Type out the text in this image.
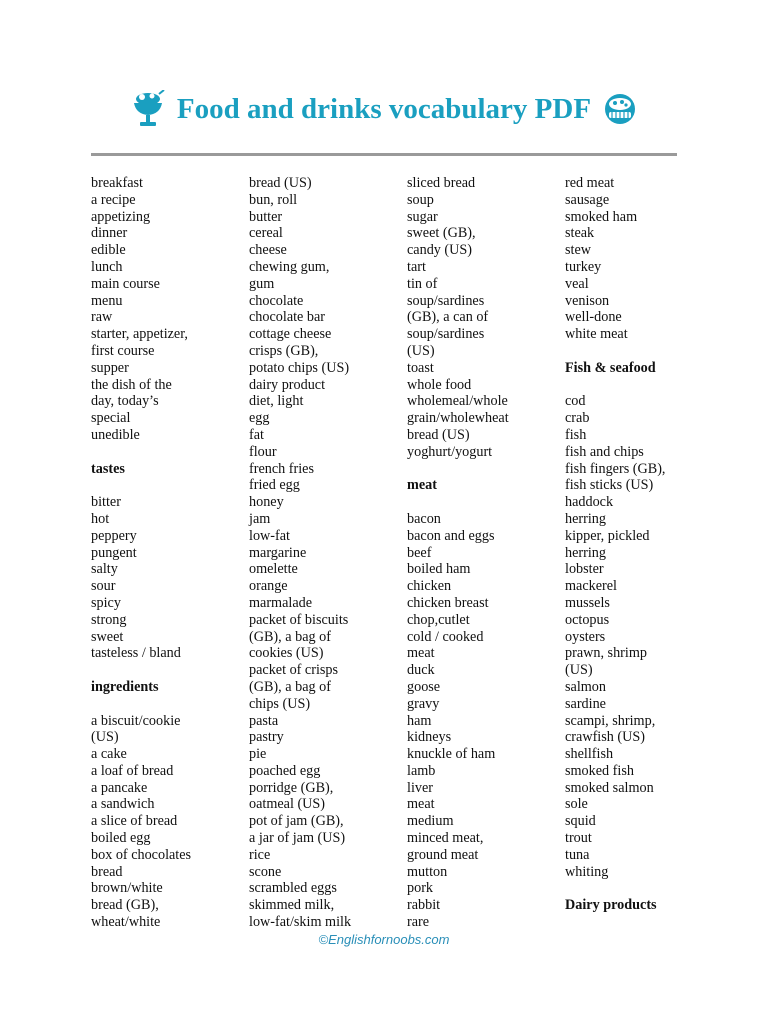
Food and drinks vocabulary PDF
breakfast
a recipe
appetizing
dinner
edible
lunch
main course
menu
raw
starter, appetizer,
first course
supper
the dish of the
day, today’s
special
unedible
tastes
bitter
hot
peppery
pungent
salty
sour
spicy
strong
sweet
tasteless / bland
ingredients
a biscuit/cookie
(US)
a cake
a loaf of bread
a pancake
a sandwich
a slice of bread
boiled egg
box of chocolates
bread
brown/white
bread (GB),
wheat/white
bread (US)
bun, roll
butter
cereal
cheese
chewing gum,
gum
chocolate
chocolate bar
cottage cheese
crisps (GB),
potato chips (US)
dairy product
diet, light
egg
fat
flour
french fries
fried egg
honey
jam
low-fat
margarine
omelette
orange
marmalade
packet of biscuits
(GB), a bag of
cookies (US)
packet of crisps
(GB), a bag of
chips (US)
pasta
pastry
pie
poached egg
porridge (GB),
oatmeal (US)
pot of jam (GB),
a jar of jam (US)
rice
scone
scrambled eggs
skimmed milk,
low-fat/skim milk
sliced bread
soup
sugar
sweet (GB),
candy (US)
tart
tin of
soup/sardines
(GB), a can of
soup/sardines
(US)
toast
whole food
wholemeal/whole
grain/wholewheat
bread (US)
yoghurt/yogurt
meat
bacon
bacon and eggs
beef
boiled ham
chicken
chicken breast
chop,cutlet
cold / cooked
meat
duck
goose
gravy
ham
kidneys
knuckle of ham
lamb
liver
meat
medium
minced meat,
ground meat
mutton
pork
rabbit
rare
red meat
sausage
smoked ham
steak
stew
turkey
veal
venison
well-done
white meat
Fish & seafood
cod
crab
fish
fish and chips
fish fingers (GB),
fish sticks (US)
haddock
herring
kipper, pickled
herring
lobster
mackerel
mussels
octopus
oysters
prawn, shrimp
(US)
salmon
sardine
scampi, shrimp,
crawfish (US)
shellfish
smoked fish
smoked salmon
sole
squid
trout
tuna
whiting
Dairy products
©Englishfornoobs.com
